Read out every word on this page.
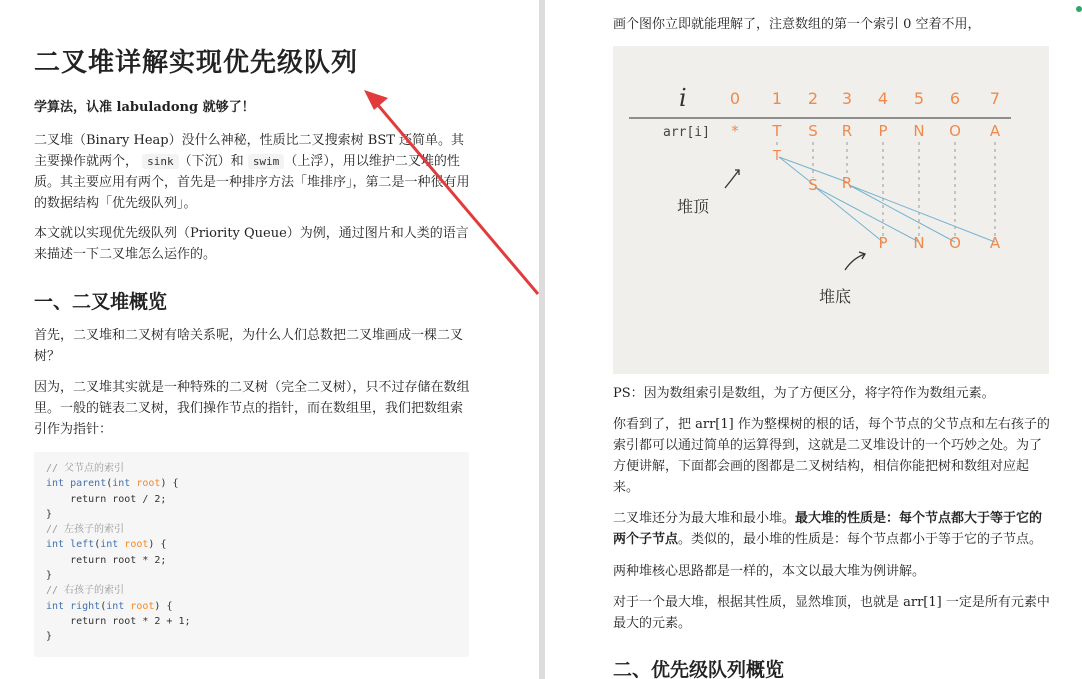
二叉堆详解实现优先级队列

学算法，认准 labuladong 就够了！

二叉堆（Binary Heap）没什么神秘，性质比二叉搜索树 BST 还简单。其主要操作就两个， sink （下沉）和 swim （上浮），用以维护二叉堆的性质。其主要应用有两个，首先是一种排序方法「堆排序」，第二是一种很有用的数据结构「优先级队列」。

本文就以实现优先级队列（Priority Queue）为例，通过图片和人类的语言来描述一下二叉堆怎么运作的。

一、二叉堆概览

首先，二叉堆和二叉树有啥关系呢，为什么人们总数把二叉堆画成一棵二叉树？

因为，二叉堆其实就是一种特殊的二叉树（完全二叉树），只不过存储在数组里。一般的链表二叉树，我们操作节点的指针，而在数组里，我们把数组索引作为指针：

// 父节点的索引
int parent(int root) {
return root / 2;
}
// 左孩子的索引
int left(int root) {
return root * 2;
}
// 右孩子的索引
int right(int root) {
return root * 2 + 1;
}

画个图你立即就能理解了，注意数组的第一个索引 0 空着不用，

i	0 1 2 3 4 5 6 7
arr[i] * T S R P N O A
T
S R
P N O A
堆顶
堆底

PS：因为数组索引是数组，为了方便区分，将字符作为数组元素。

你看到了，把 arr[1] 作为整棵树的根的话，每个节点的父节点和左右孩子的索引都可以通过简单的运算得到，这就是二叉堆设计的一个巧妙之处。为了方便讲解，下面都会画的图都是二叉树结构，相信你能把树和数组对应起来。

二叉堆还分为最大堆和最小堆。最大堆的性质是：每个节点都大于等于它的两个子节点。类似的，最小堆的性质是：每个节点都小于等于它的子节点。

两种堆核心思路都是一样的，本文以最大堆为例讲解。

对于一个最大堆，根据其性质，显然堆顶，也就是 arr[1] 一定是所有元素中最大的元素。

二、优先级队列概览
